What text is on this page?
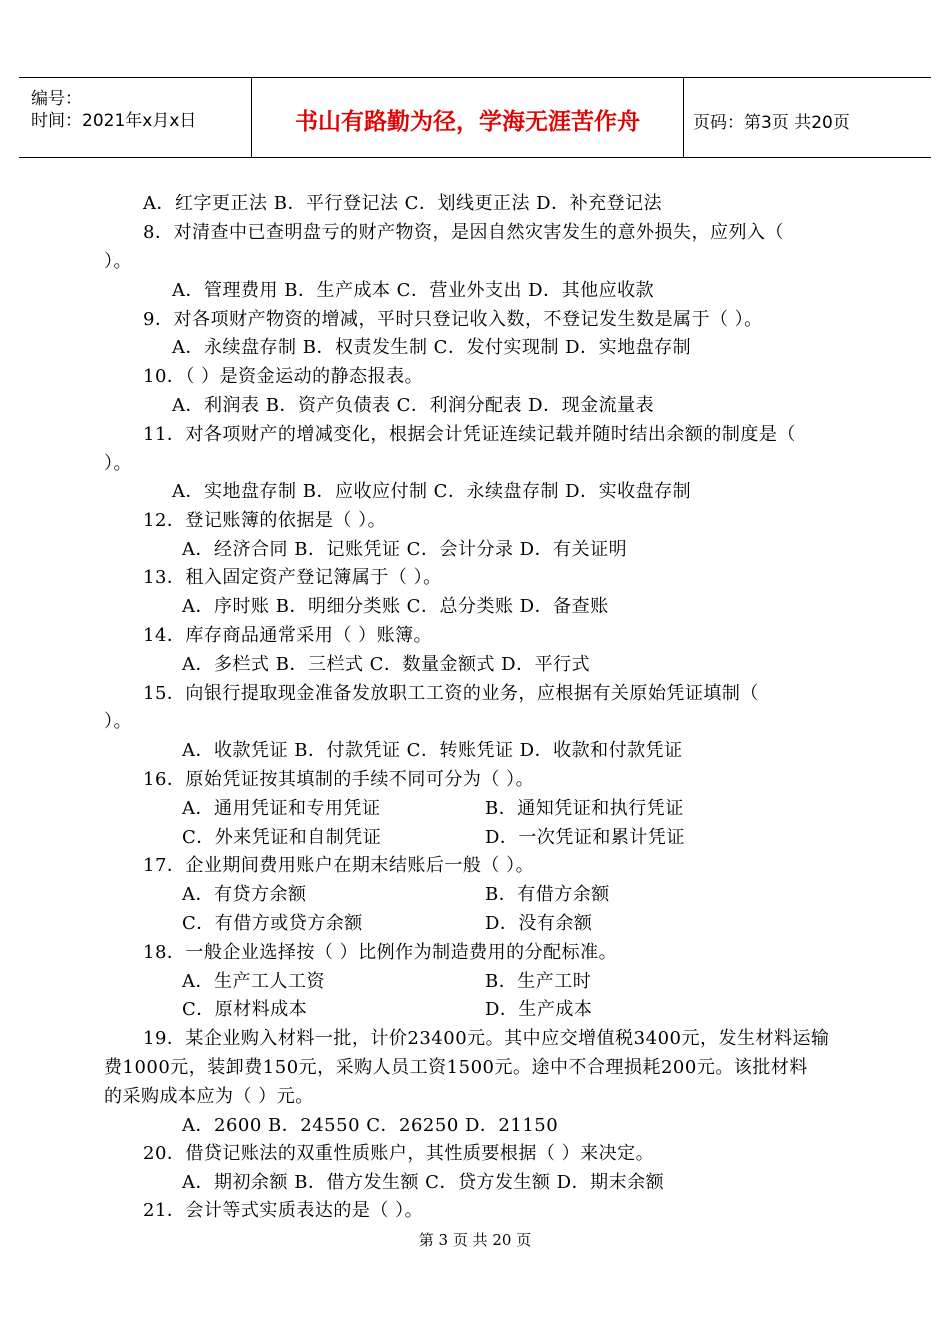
编号：
时间：2021年x月x日	书山有路勤为径，学海无涯苦作舟	页码：第3页 共20页
A．红字更正法 B．平行登记法 C．划线更正法 D．补充登记法
8．对清查中已查明盘亏的财产物资，是因自然灾害发生的意外损失，应列入（
）。
A．管理费用 B．生产成本 C．营业外支出 D．其他应收款
9．对各项财产物资的增减，平时只登记收入数，不登记发生数是属于（ ）。
A．永续盘存制 B．权责发生制 C．发付实现制 D．实地盘存制
10．（ ）是资金运动的静态报表。
A．利润表 B．资产负债表 C．利润分配表 D．现金流量表
11．对各项财产的增减变化，根据会计凭证连续记载并随时结出余额的制度是（
）。
A．实地盘存制 B．应收应付制 C．永续盘存制 D．实收盘存制
12．登记账簿的依据是（ ）。
A．经济合同 B．记账凭证 C．会计分录 D．有关证明
13．租入固定资产登记簿属于（ ）。
A．序时账 B．明细分类账 C．总分类账 D．备查账
14．库存商品通常采用（ ）账簿。
A．多栏式 B．三栏式 C．数量金额式 D．平行式
15．向银行提取现金准备发放职工工资的业务，应根据有关原始凭证填制（
）。
A．收款凭证 B．付款凭证 C．转账凭证 D．收款和付款凭证
16．原始凭证按其填制的手续不同可分为（ ）。
A．通用凭证和专用凭证	B．通知凭证和执行凭证
C．外来凭证和自制凭证	D．一次凭证和累计凭证
17．企业期间费用账户在期末结账后一般（ ）。
A．有贷方余额	B．有借方余额
C．有借方或贷方余额	D．没有余额
18．一般企业选择按（ ）比例作为制造费用的分配标准。
A．生产工人工资	B．生产工时
C．原材料成本	D．生产成本
19．某企业购入材料一批，计价23400元。其中应交增值税3400元，发生材料运输
费1000元，装卸费150元，采购人员工资1500元。途中不合理损耗200元。该批材料
的采购成本应为（ ）元。
A．2600 B．24550 C．26250 D．21150
20．借贷记账法的双重性质账户，其性质要根据（ ）来决定。
A．期初余额 B．借方发生额 C．贷方发生额 D．期末余额
21．会计等式实质表达的是（ ）。
第 3 页 共 20 页
